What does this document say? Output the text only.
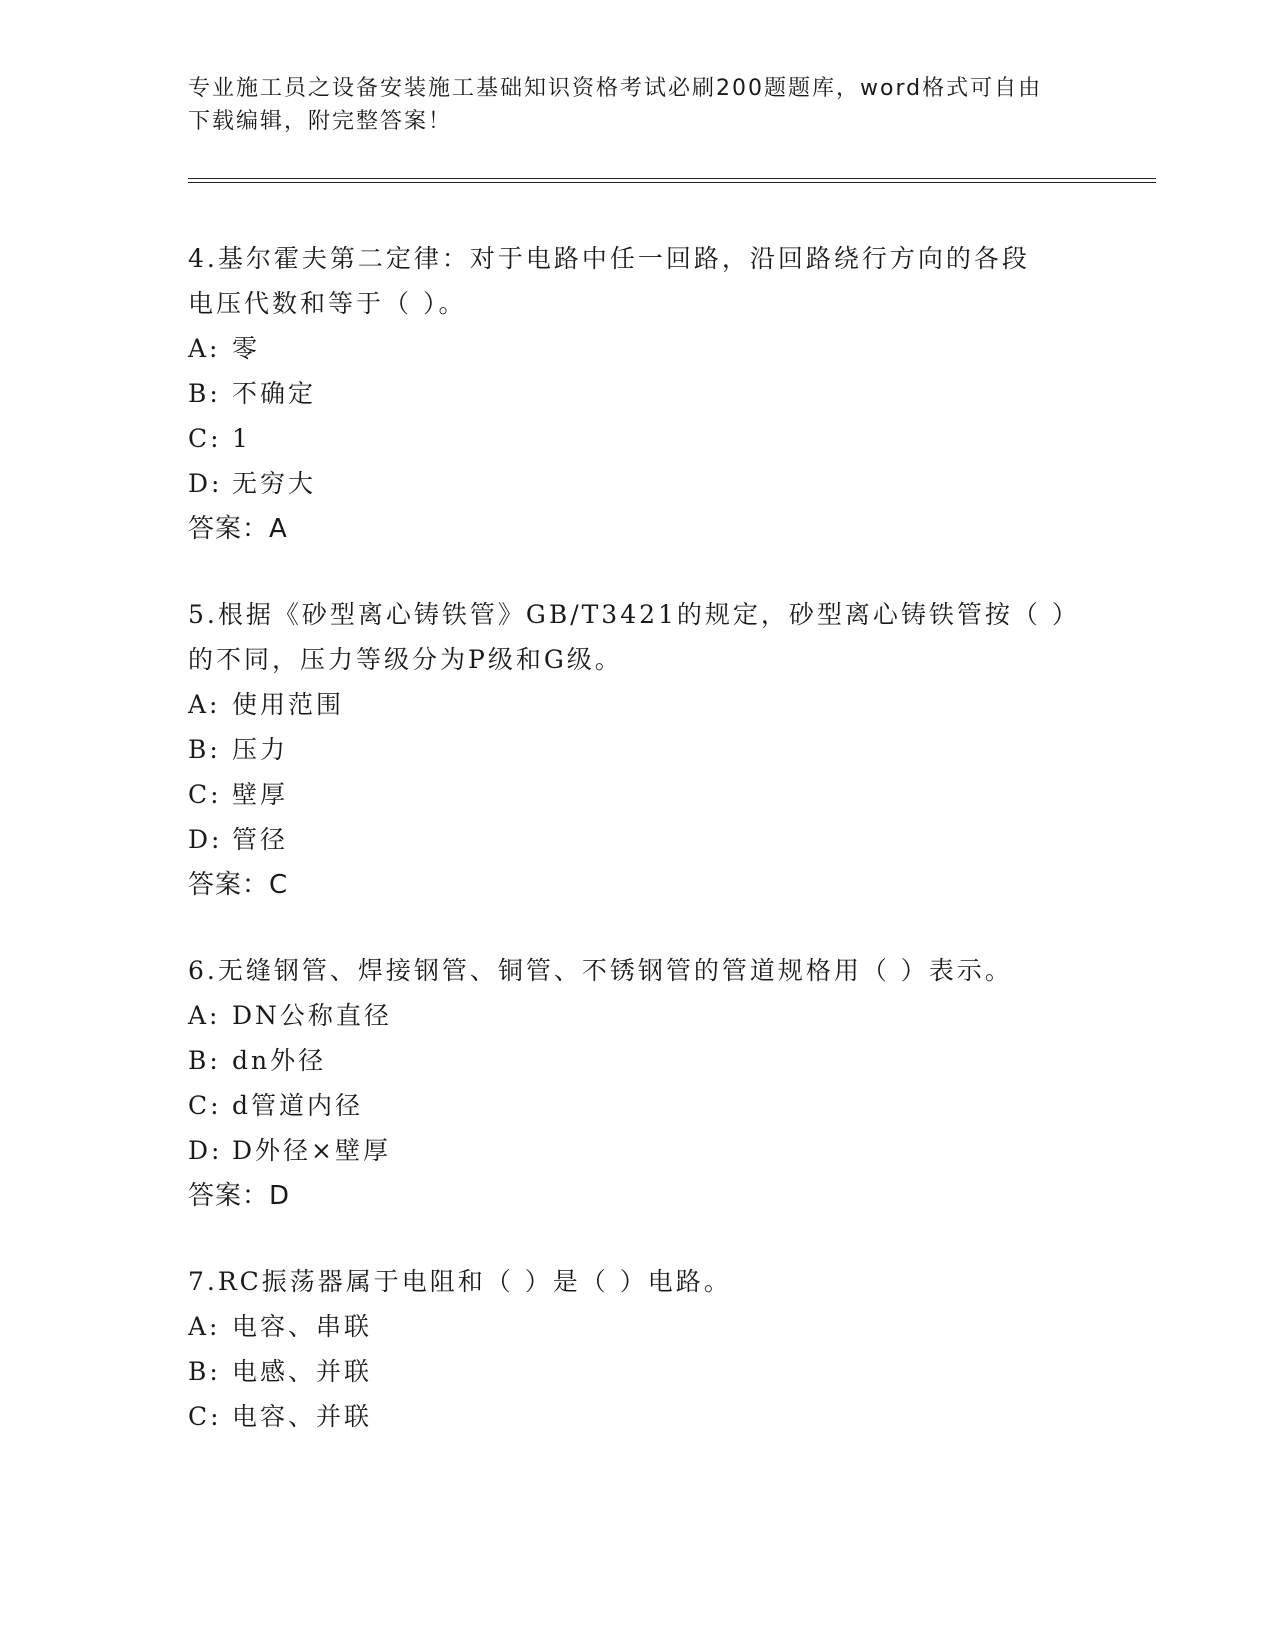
专业施工员之设备安装施工基础知识资格考试必刷200题题库，word格式可自由
下载编辑，附完整答案！
4.基尔霍夫第二定律：对于电路中任一回路，沿回路绕行方向的各段
电压代数和等于（ ）。
A: 零
B: 不确定
C: 1
D: 无穷大
答案：A
5.根据《砂型离心铸铁管》GB/T3421的规定，砂型离心铸铁管按（ ）
的不同，压力等级分为P级和G级。
A: 使用范围
B: 压力
C: 壁厚
D: 管径
答案：C
6.无缝钢管、焊接钢管、铜管、不锈钢管的管道规格用（ ）表示。
A: DN公称直径
B: dn外径
C: d管道内径
D: D外径×壁厚
答案：D
7.RC振荡器属于电阻和（ ）是（ ）电路。
A: 电容、串联
B: 电感、并联
C: 电容、并联
